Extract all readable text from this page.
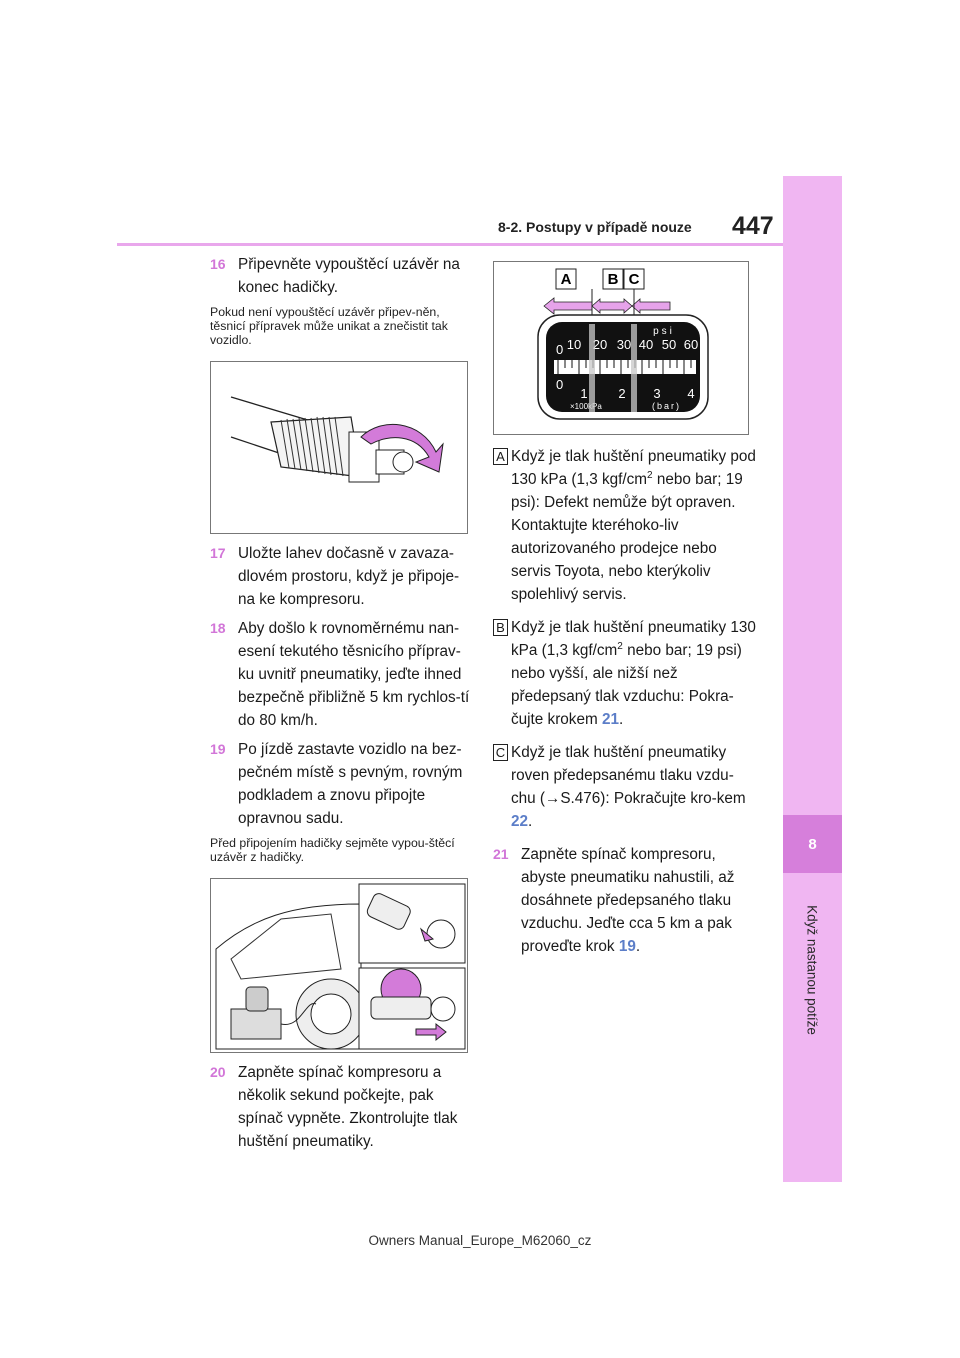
8
Když nastanou potíže
8-2. Postupy v případě nouze 447
16 Připevněte vypouštěcí uzávěr na konec hadičky.
Pokud není vypouštěcí uzávěr připev-něn, těsnicí přípravek může unikat a znečistit tak vozidlo.
17 Uložte lahev dočasně v zavaza-dlovém prostoru, když je připoje-na ke kompresoru.
18 Aby došlo k rovnoměrnému nan-esení tekutého těsnicího příprav-ku uvnitř pneumatiky, jeďte ihned bezpečně přibližně 5 km rychlos-tí do 80 km/h.
19 Po jízdě zastavte vozidlo na bez-pečném místě s pevným, rovným podkladem a znovu připojte opravnou sadu.
Před připojením hadičky sejměte vypou-štěcí uzávěr z hadičky.
20 Zapněte spínač kompresoru a několik sekund počkejte, pak spínač vypněte. Zkontrolujte tlak huštění pneumatiky.
A B C
psi
0 10 20 30 40 50 60
0
1 2 3 4
×100kPa	(bar)
A Když je tlak huštění pneumatiky pod 130 kPa (1,3 kgf/$cm^2$ nebo bar; 19 psi): Defekt nemůže být opraven. Kontaktujte kteréhoko-liv autorizovaného prodejce nebo servis Toyota, nebo kterýkoliv spolehlivý servis.
B Když je tlak huštění pneumatiky 130 kPa (1,3 kgf/$cm^2$ nebo bar; 19 psi) nebo vyšší, ale nižší než předepsaný tlak vzduchu: Pokra-čujte krokem 21.
C Když je tlak huštění pneumatiky roven předepsanému tlaku vzdu-chu (→S.476): Pokračujte kro-kem 22.
21 Zapněte spínač kompresoru, abyste pneumatiku nahustili, až dosáhnete předepsaného tlaku vzduchu. Jeďte cca 5 km a pak proveďte krok 19.
Owners Manual_Europe_M62060_cz
